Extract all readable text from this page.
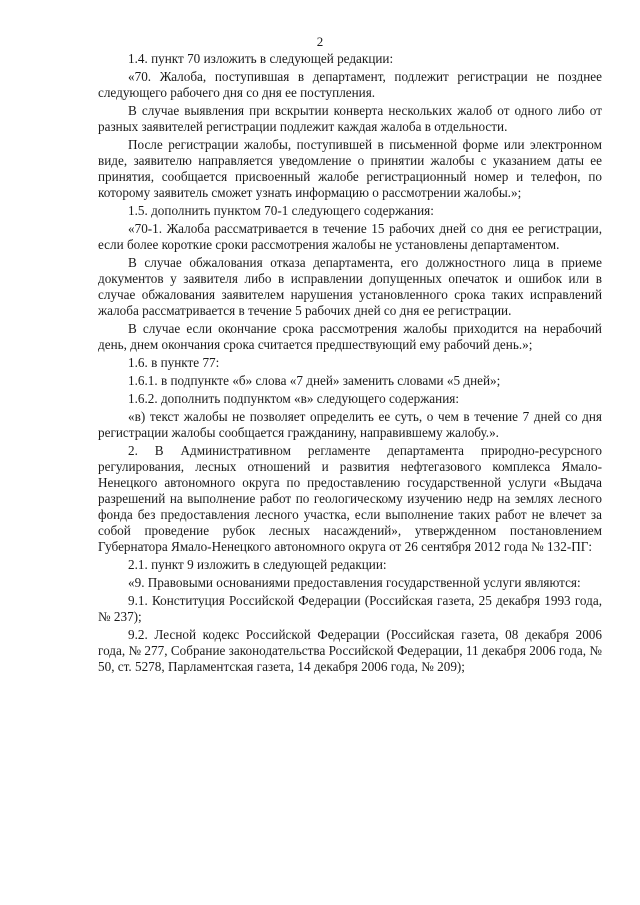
2

1.4. пункт 70 изложить в следующей редакции:

«70. Жалоба, поступившая в департамент, подлежит регистрации не позднее следующего рабочего дня со дня ее поступления.

В случае выявления при вскрытии конверта нескольких жалоб от одного либо от разных заявителей регистрации подлежит каждая жалоба в отдельности.

После регистрации жалобы, поступившей в письменной форме или электронном виде, заявителю направляется уведомление о принятии жалобы с указанием даты ее принятия, сообщается присвоенный жалобе регистрационный номер и телефон, по которому заявитель сможет узнать информацию о рассмотрении жалобы.»;

1.5. дополнить пунктом 70-1 следующего содержания:

«70-1. Жалоба рассматривается в течение 15 рабочих дней со дня ее регистрации, если более короткие сроки рассмотрения жалобы не установлены департаментом.

В случае обжалования отказа департамента, его должностного лица в приеме документов у заявителя либо в исправлении допущенных опечаток и ошибок или в случае обжалования заявителем нарушения установленного срока таких исправлений жалоба рассматривается в течение 5 рабочих дней со дня ее регистрации.

В случае если окончание срока рассмотрения жалобы приходится на нерабочий день, днем окончания срока считается предшествующий ему рабочий день.»;

1.6. в пункте 77:

1.6.1. в подпункте «б» слова «7 дней» заменить словами «5 дней»;

1.6.2. дополнить подпунктом «в» следующего содержания:

«в) текст жалобы не позволяет определить ее суть, о чем в течение 7 дней со дня регистрации жалобы сообщается гражданину, направившему жалобу.».

2. В Административном регламенте департамента природно-ресурсного регулирования, лесных отношений и развития нефтегазового комплекса Ямало-Ненецкого автономного округа по предоставлению государственной услуги «Выдача разрешений на выполнение работ по геологическому изучению недр на землях лесного фонда без предоставления лесного участка, если выполнение таких работ не влечет за собой проведение рубок лесных насаждений», утвержденном постановлением Губернатора Ямало-Ненецкого автономного округа от 26 сентября 2012 года № 132-ПГ:

2.1. пункт 9 изложить в следующей редакции:

«9. Правовыми основаниями предоставления государственной услуги являются:

9.1. Конституция Российской Федерации (Российская газета, 25 декабря 1993 года, № 237);

9.2. Лесной кодекс Российской Федерации (Российская газета, 08 декабря 2006 года, № 277, Собрание законодательства Российской Федерации, 11 декабря 2006 года, № 50, ст. 5278, Парламентская газета, 14 декабря 2006 года, № 209);
